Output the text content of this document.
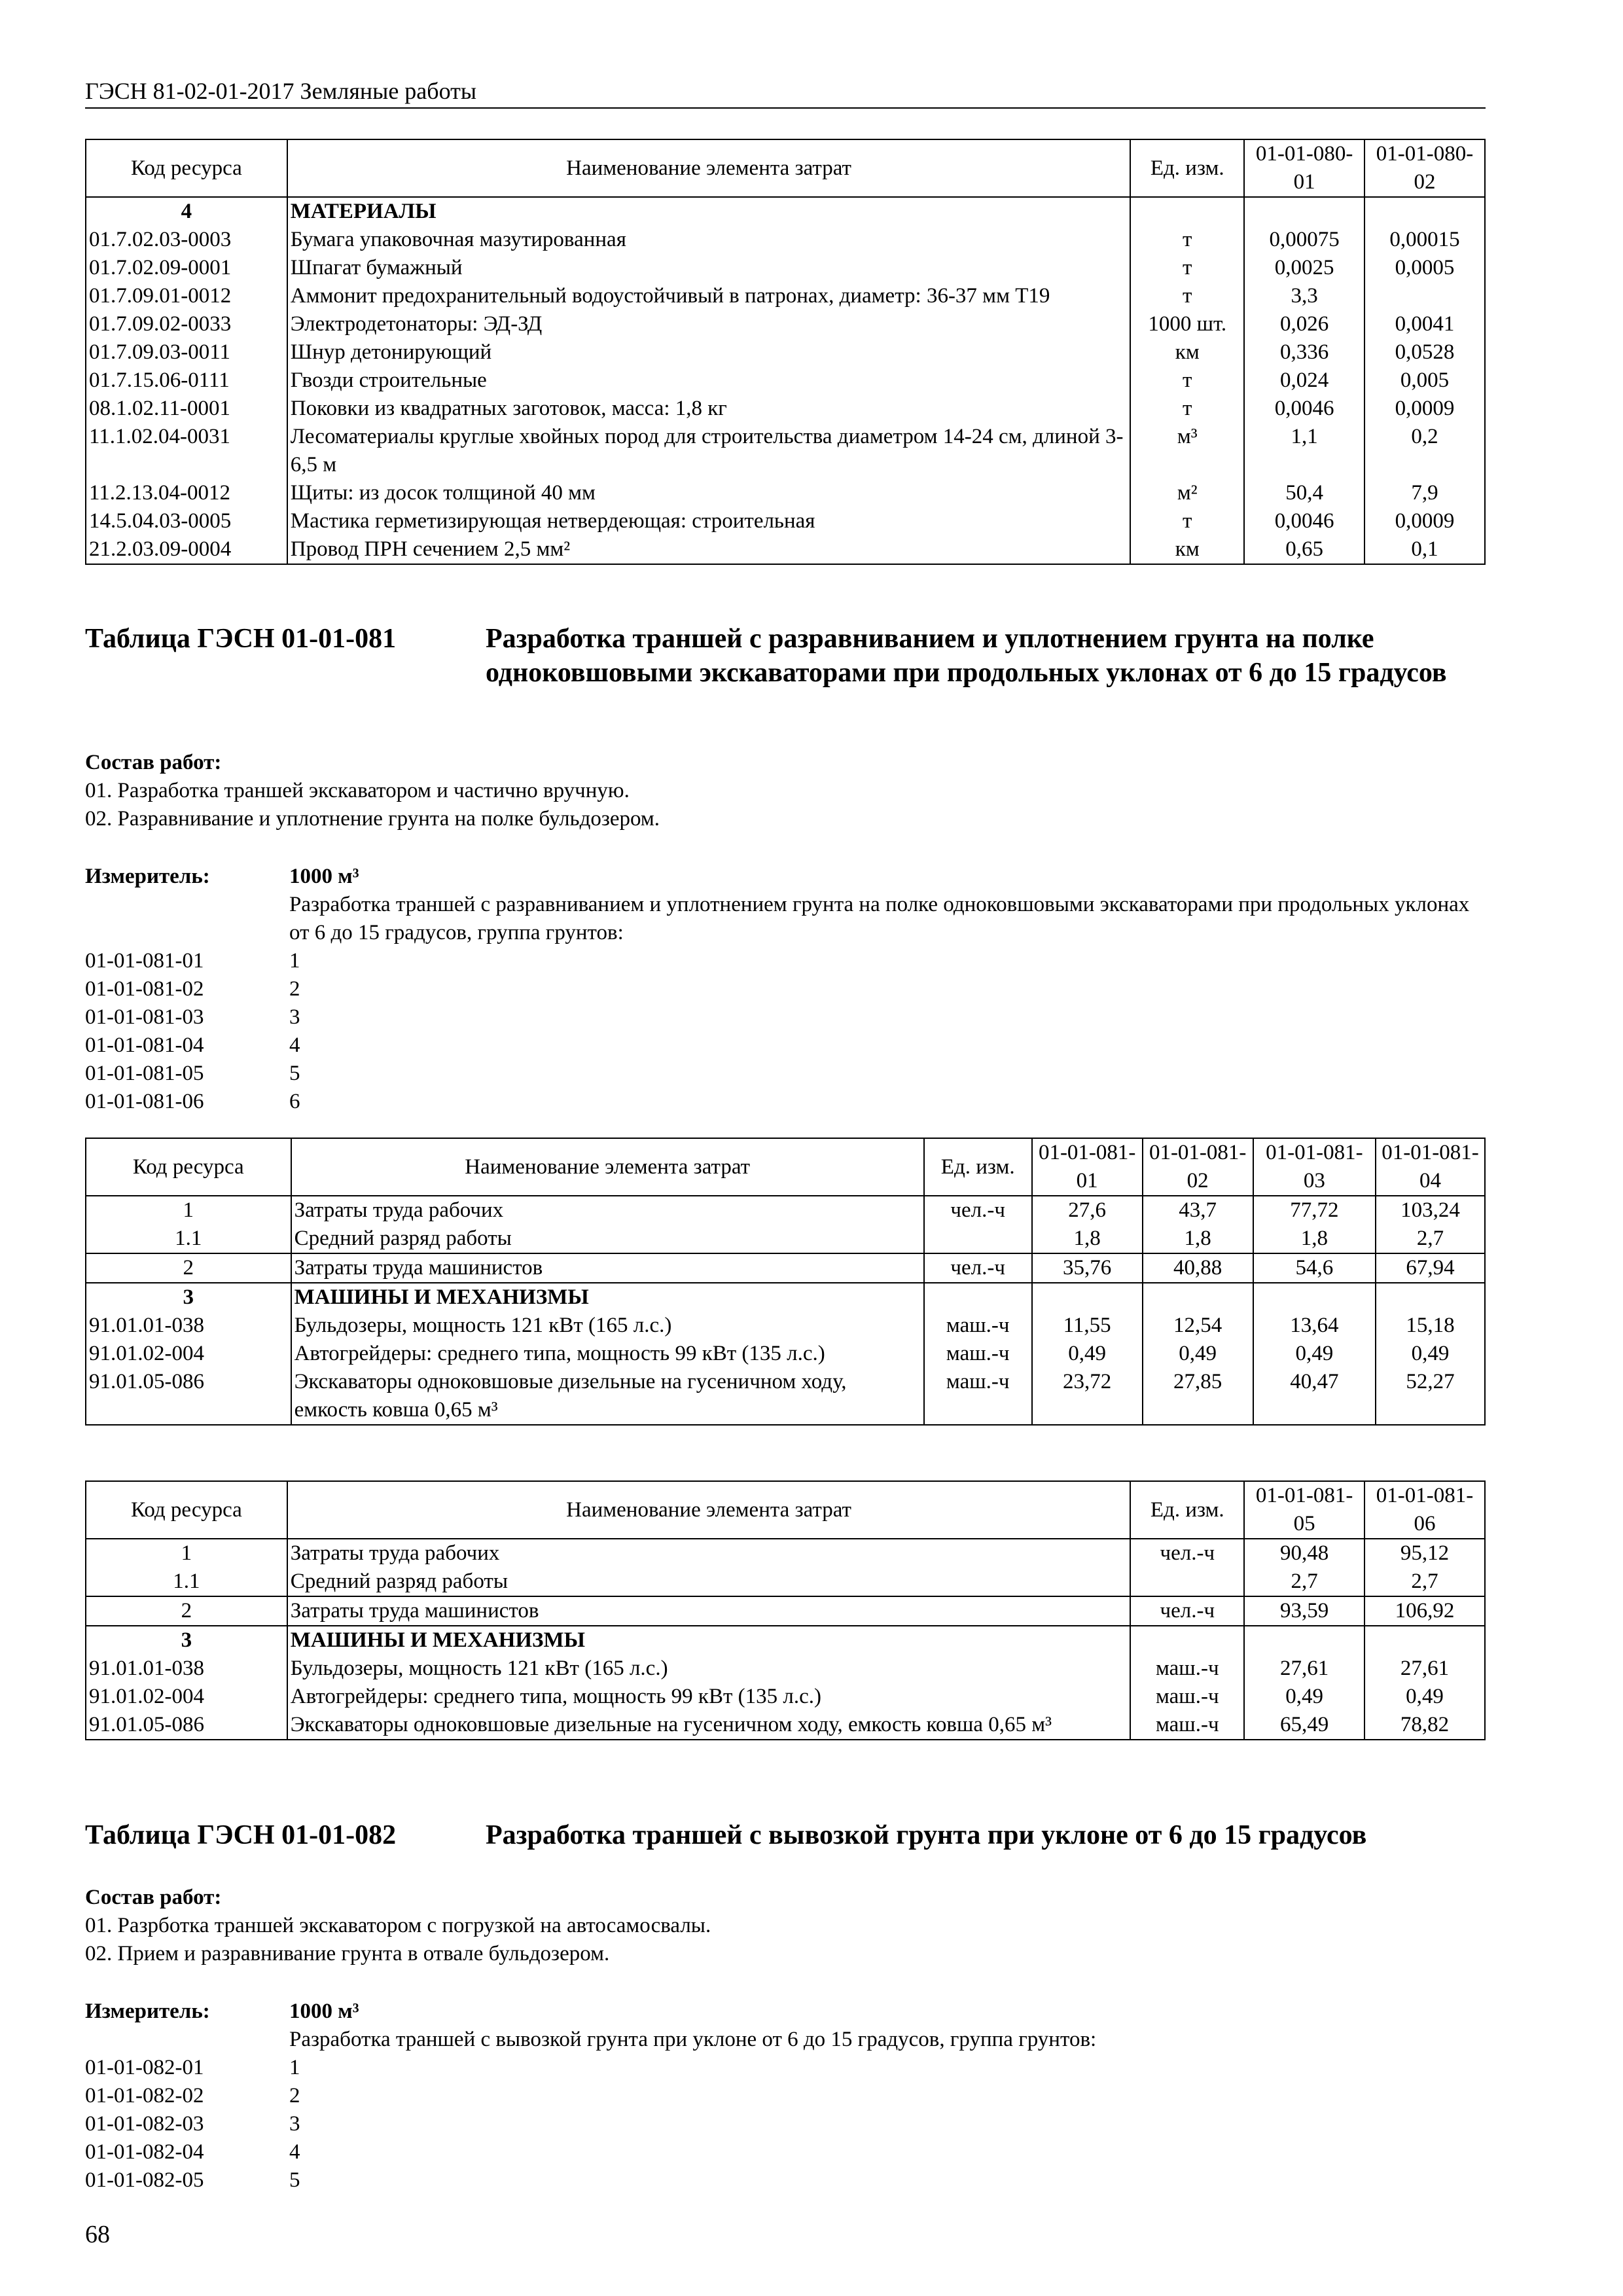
ГЭСН 81-02-01-2017 Земляные работы
Код ресурса	Наименование элемента затрат	Ед. изм.	01-01-080-01	01-01-080-02
4	МАТЕРИАЛЫ			
01.7.02.03-0003	Бумага упаковочная мазутированная	т	0,00075	0,00015
01.7.02.09-0001	Шпагат бумажный	т	0,0025	0,0005
01.7.09.01-0012	Аммонит предохранительный водоустойчивый в патронах, диаметр: 36-37 мм Т19	т	3,3	
01.7.09.02-0033	Электродетонаторы: ЭД-ЗД	1000 шт.	0,026	0,0041
01.7.09.03-0011	Шнур детонирующий	км	0,336	0,0528
01.7.15.06-0111	Гвозди строительные	т	0,024	0,005
08.1.02.11-0001	Поковки из квадратных заготовок, масса: 1,8 кг	т	0,0046	0,0009
11.1.02.04-0031	Лесоматериалы круглые хвойных пород для строительства диаметром 14-24 см, длиной 3-6,5 м	м³	1,1	0,2
11.2.13.04-0012	Щиты: из досок толщиной 40 мм	м²	50,4	7,9
14.5.04.03-0005	Мастика герметизирующая нетвердеющая: строительная	т	0,0046	0,0009
21.2.03.09-0004	Провод ПРН сечением 2,5 мм²	км	0,65	0,1
Таблица ГЭСН 01-01-081	Разработка траншей с разравниванием и уплотнением грунта на полке одноковшовыми экскаваторами при продольных уклонах от 6 до 15 градусов
Состав работ:
01. Разработка траншей экскаватором и частично вручную.
02. Разравнивание и уплотнение грунта на полке бульдозером.
Измеритель:	1000 м³
Разработка траншей с разравниванием и уплотнением грунта на полке одноковшовыми экскаваторами при продольных уклонах от 6 до 15 градусов, группа грунтов:
01-01-081-01	1
01-01-081-02	2
01-01-081-03	3
01-01-081-04	4
01-01-081-05	5
01-01-081-06	6
Код ресурса	Наименование элемента затрат	Ед. изм.	01-01-081-01	01-01-081-02	01-01-081-03	01-01-081-04
1	Затраты труда рабочих	чел.-ч	27,6	43,7	77,72	103,24
1.1	Средний разряд работы		1,8	1,8	1,8	2,7
2	Затраты труда машинистов	чел.-ч	35,76	40,88	54,6	67,94
3	МАШИНЫ И МЕХАНИЗМЫ					
91.01.01-038	Бульдозеры, мощность 121 кВт (165 л.с.)	маш.-ч	11,55	12,54	13,64	15,18
91.01.02-004	Автогрейдеры: среднего типа, мощность 99 кВт (135 л.с.)	маш.-ч	0,49	0,49	0,49	0,49
91.01.05-086	Экскаваторы одноковшовые дизельные на гусеничном ходу, емкость ковша 0,65 м³	маш.-ч	23,72	27,85	40,47	52,27
Код ресурса	Наименование элемента затрат	Ед. изм.	01-01-081-05	01-01-081-06
1	Затраты труда рабочих	чел.-ч	90,48	95,12
1.1	Средний разряд работы		2,7	2,7
2	Затраты труда машинистов	чел.-ч	93,59	106,92
3	МАШИНЫ И МЕХАНИЗМЫ			
91.01.01-038	Бульдозеры, мощность 121 кВт (165 л.с.)	маш.-ч	27,61	27,61
91.01.02-004	Автогрейдеры: среднего типа, мощность 99 кВт (135 л.с.)	маш.-ч	0,49	0,49
91.01.05-086	Экскаваторы одноковшовые дизельные на гусеничном ходу, емкость ковша 0,65 м³	маш.-ч	65,49	78,82
Таблица ГЭСН 01-01-082	Разработка траншей с вывозкой грунта при уклоне от 6 до 15 градусов
Состав работ:
01. Разрботка траншей экскаватором с погрузкой на автосамосвалы.
02. Прием и разравнивание грунта в отвале бульдозером.
Измеритель:	1000 м³
Разработка траншей с вывозкой грунта при уклоне от 6 до 15 градусов, группа грунтов:
01-01-082-01	1
01-01-082-02	2
01-01-082-03	3
01-01-082-04	4
01-01-082-05	5
68
